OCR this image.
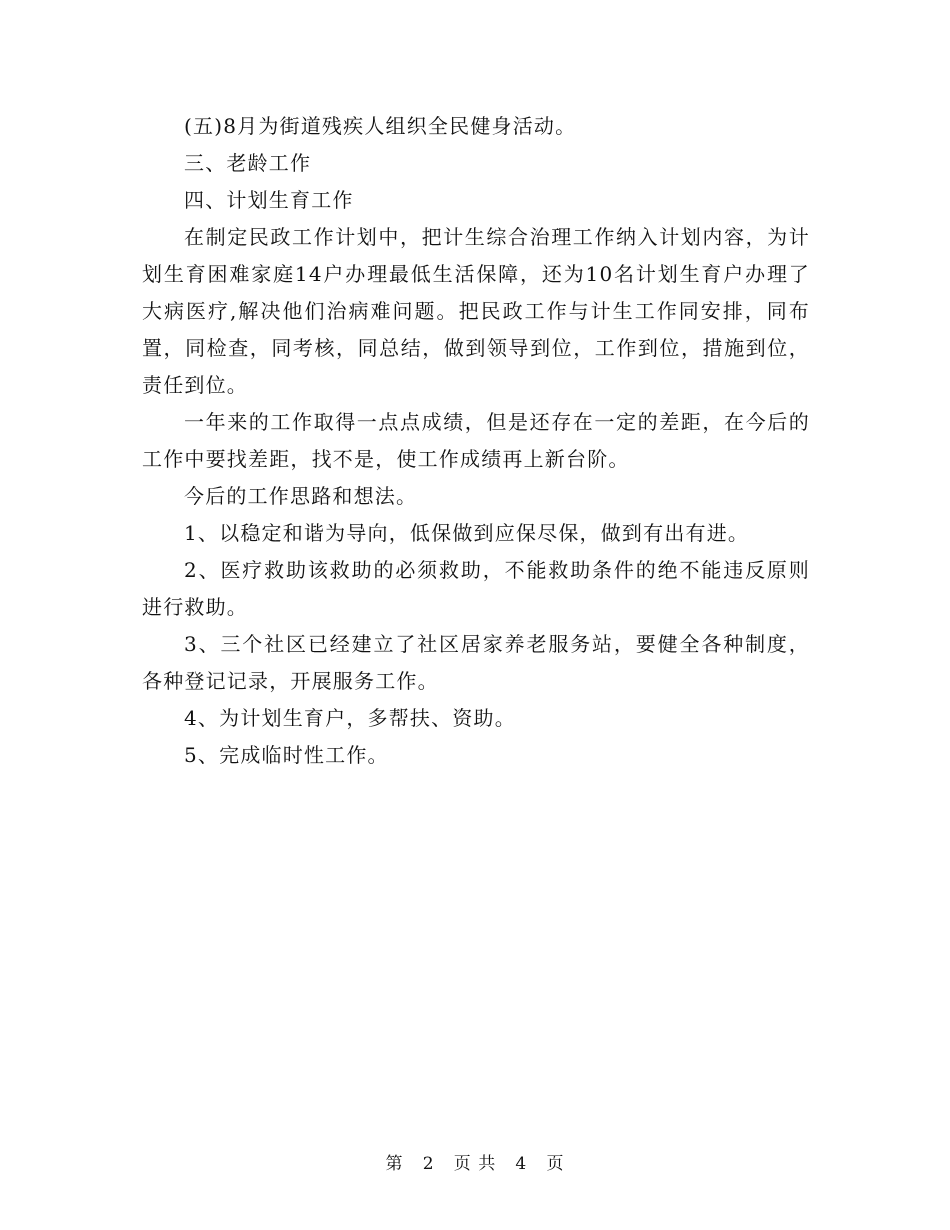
(五)8月为街道残疾人组织全民健身活动。

三、老龄工作

四、计划生育工作

在制定民政工作计划中，把计生综合治理工作纳入计划内容，为计划生育困难家庭14户办理最低生活保障，还为10名计划生育户办理了大病医疗,解决他们治病难问题。把民政工作与计生工作同安排，同布置，同检查，同考核，同总结，做到领导到位，工作到位，措施到位，责任到位。

一年来的工作取得一点点成绩，但是还存在一定的差距，在今后的工作中要找差距，找不是，使工作成绩再上新台阶。

今后的工作思路和想法。

1、以稳定和谐为导向，低保做到应保尽保，做到有出有进。

2、医疗救助该救助的必须救助，不能救助条件的绝不能违反原则进行救助。

3、三个社区已经建立了社区居家养老服务站，要健全各种制度，各种登记记录，开展服务工作。

4、为计划生育户，多帮扶、资助。

5、完成临时性工作。

第 2 页 共 4 页
